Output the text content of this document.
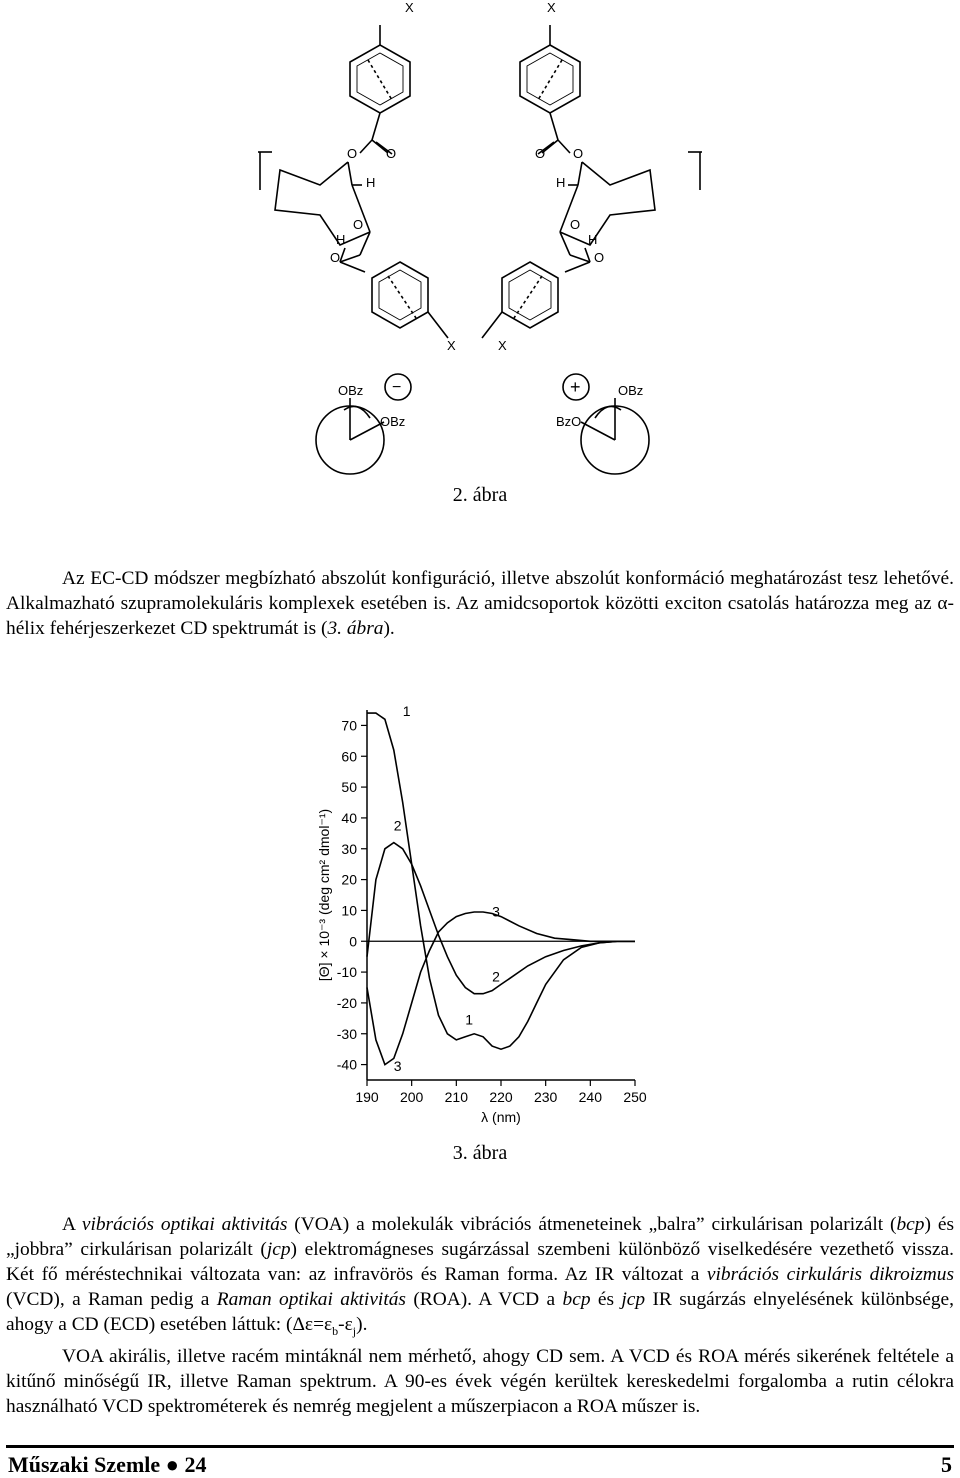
X	X
O O
H
O
H
O
X
O
O
H
O
H
O
X
OBz
OBz
OBz
BzO
−	+
2. ábra

Az EC-CD módszer megbízható abszolút konfiguráció, illetve abszolút konformáció meghatározást tesz lehetővé. Alkalmazható szupramolekuláris komplexek esetében is. Az amidcsoportok közötti exciton csatolás határozza meg az α-hélix fehérjeszerkezet CD spektrumát is (3. ábra).

70
60
50
40
30
20
10
0
-10
-20
-30
-40
190 200 210 220 230 240 250
λ (nm)
[Θ] × 10⁻³ (deg cm² dmol⁻¹)
1
1
2
2
3
3
3. ábra

A vibrációs optikai aktivitás (VOA) a molekulák vibrációs átmeneteinek „balra” cirkulárisan polarizált (bcp) és „jobbra” cirkulárisan polarizált (jcp) elektromágneses sugárzással szembeni különböző viselkedésére vezethető vissza. Két fő méréstechnikai változata van: az infravörös és Raman forma. Az IR változat a vibrációs cirkuláris dikroizmus (VCD), a Raman pedig a Raman optikai aktivitás (ROA). A VCD a bcp és jcp IR sugárzás elnyelésének különbsége, ahogy a CD (ECD) esetében láttuk: $(\Delta\varepsilon=\varepsilon_b-\varepsilon_j)$.

VOA akirális, illetve racém mintáknál nem mérhető, ahogy CD sem. A VCD és ROA mérés sikerének feltétele a kitűnő minőségű IR, illetve Raman spektrum. A 90-es évek végén kerültek kereskedelmi forgalomba a rutin célokra használható VCD spektrométerek és nemrég megjelent a műszerpiacon a ROA műszer is.

Műszaki Szemle ● 24	5
